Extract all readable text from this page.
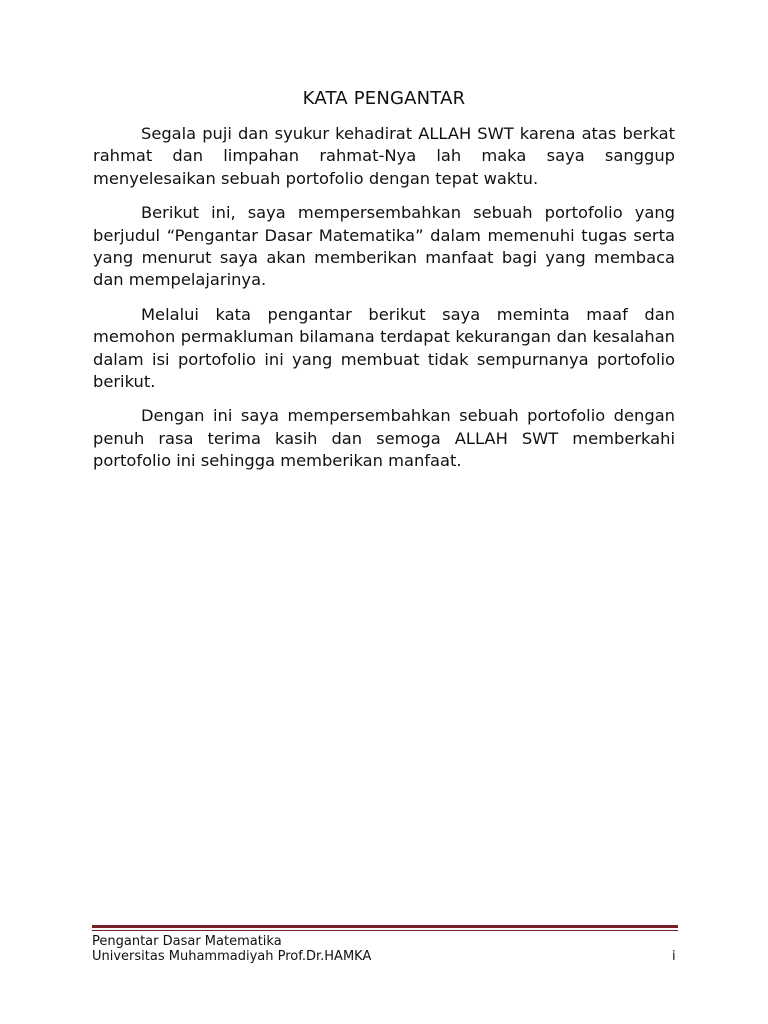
KATA PENGANTAR

Segala puji dan syukur kehadirat ALLAH SWT karena atas berkat rahmat dan limpahan rahmat-Nya lah maka saya sanggup menyelesaikan sebuah portofolio dengan tepat waktu.

Berikut ini, saya mempersembahkan sebuah portofolio yang berjudul “Pengantar Dasar Matematika” dalam memenuhi tugas serta yang menurut saya akan memberikan manfaat bagi yang membaca dan mempelajarinya.

Melalui kata pengantar berikut saya meminta maaf dan memohon permakluman bilamana terdapat kekurangan dan kesalahan dalam isi portofolio ini yang membuat tidak sempurnanya portofolio berikut.

Dengan ini saya mempersembahkan sebuah portofolio dengan penuh rasa terima kasih dan semoga ALLAH SWT memberkahi portofolio ini sehingga memberikan manfaat.

Pengantar Dasar Matematika
Universitas Muhammadiyah Prof.Dr.HAMKA	i
